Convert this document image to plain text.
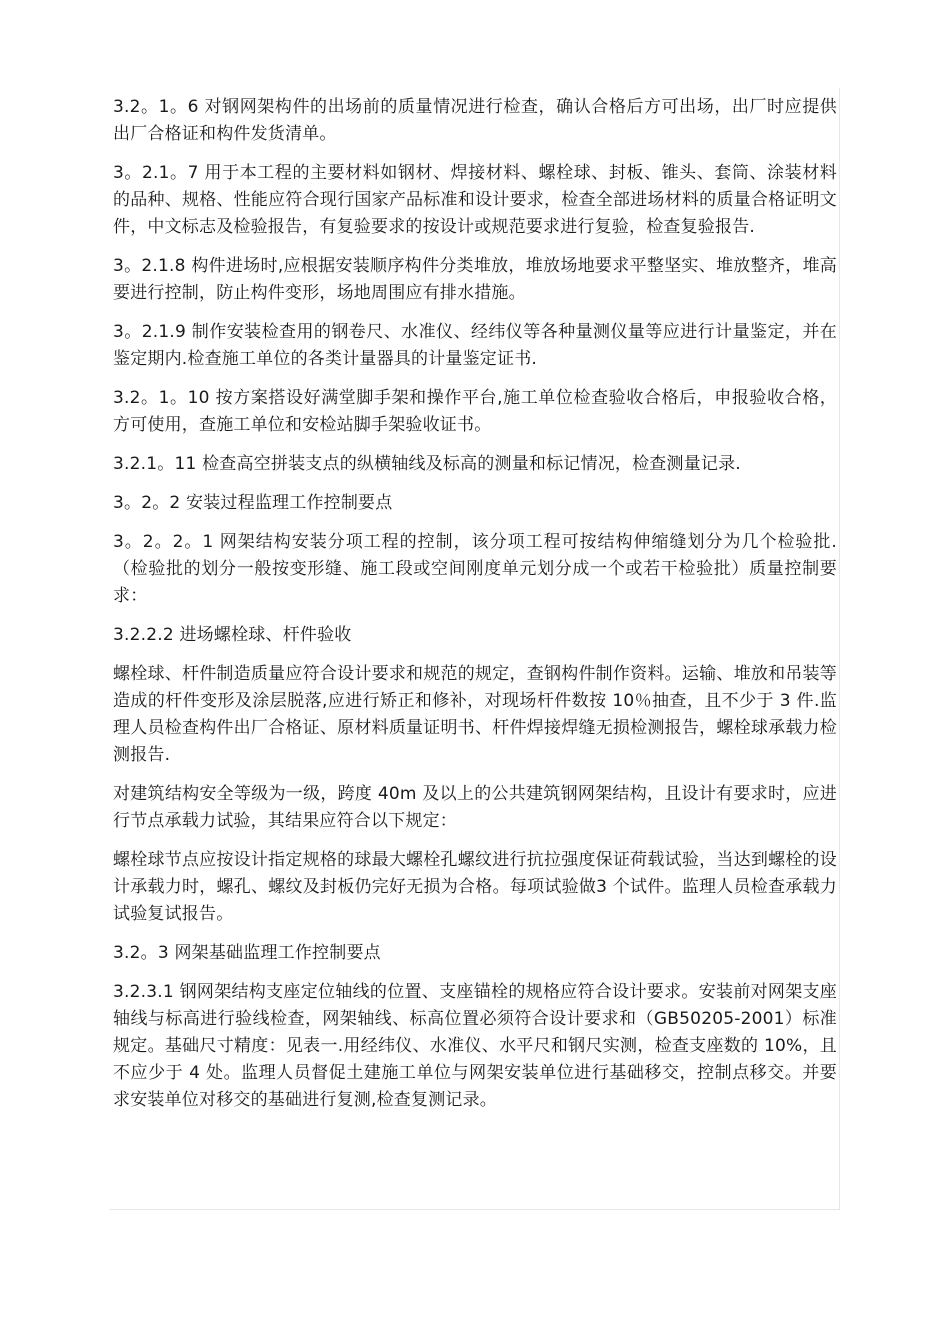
3.2。1。6 对钢网架构件的出场前的质量情况进行检查，确认合格后方可出场，出厂时应提供出厂合格证和构件发货清单。

3。2.1。7 用于本工程的主要材料如钢材、焊接材料、螺栓球、封板、锥头、套筒、涂装材料的品种、规格、性能应符合现行国家产品标准和设计要求，检查全部进场材料的质量合格证明文件，中文标志及检验报告，有复验要求的按设计或规范要求进行复验，检查复验报告.

3。2.1.8 构件进场时,应根据安装顺序构件分类堆放，堆放场地要求平整坚实、堆放整齐，堆高要进行控制，防止构件变形，场地周围应有排水措施。

3。2.1.9 制作安装检查用的钢卷尺、水准仪、经纬仪等各种量测仪量等应进行计量鉴定，并在鉴定期内.检查施工单位的各类计量器具的计量鉴定证书.

3.2。1。10 按方案搭设好满堂脚手架和操作平台,施工单位检查验收合格后，申报验收合格，方可使用，查施工单位和安检站脚手架验收证书。

3.2.1。11 检查高空拼装支点的纵横轴线及标高的测量和标记情况，检查测量记录.

3。2。2 安装过程监理工作控制要点

3。2。2。1 网架结构安装分项工程的控制，该分项工程可按结构伸缩缝划分为几个检验批.（检验批的划分一般按变形缝、施工段或空间刚度单元划分成一个或若干检验批）质量控制要求：

3.2.2.2 进场螺栓球、杆件验收

螺栓球、杆件制造质量应符合设计要求和规范的规定，查钢构件制作资料。运输、堆放和吊装等造成的杆件变形及涂层脱落,应进行矫正和修补，对现场杆件数按 10％抽查，且不少于 3 件.监理人员检查构件出厂合格证、原材料质量证明书、杆件焊接焊缝无损检测报告，螺栓球承载力检测报告.

对建筑结构安全等级为一级，跨度 40m 及以上的公共建筑钢网架结构，且设计有要求时，应进行节点承载力试验，其结果应符合以下规定：

螺栓球节点应按设计指定规格的球最大螺栓孔螺纹进行抗拉强度保证荷载试验，当达到螺栓的设计承载力时，螺孔、螺纹及封板仍完好无损为合格。每项试验做3 个试件。监理人员检查承载力试验复试报告。

3.2。3 网架基础监理工作控制要点

3.2.3.1 钢网架结构支座定位轴线的位置、支座锚栓的规格应符合设计要求。安装前对网架支座轴线与标高进行验线检查，网架轴线、标高位置必须符合设计要求和（GB50205-2001）标准规定。基础尺寸精度：见表一.用经纬仪、水准仪、水平尺和钢尺实测，检查支座数的 10%，且不应少于 4 处。监理人员督促土建施工单位与网架安装单位进行基础移交，控制点移交。并要求安装单位对移交的基础进行复测,检查复测记录。
